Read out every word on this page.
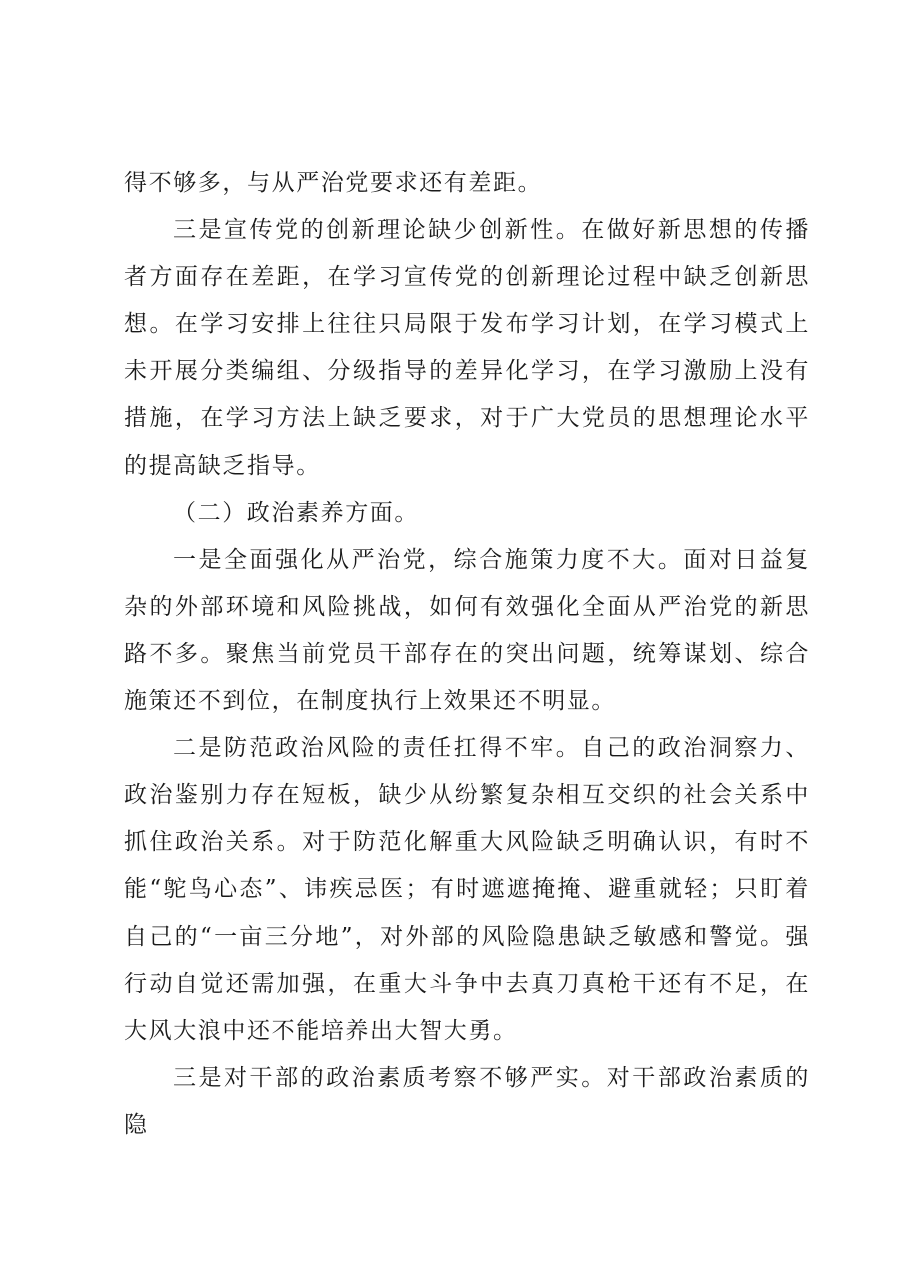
得不够多，与从严治党要求还有差距。

三是宣传党的创新理论缺少创新性。在做好新思想的传播者方面存在差距，在学习宣传党的创新理论过程中缺乏创新思想。在学习安排上往往只局限于发布学习计划，在学习模式上未开展分类编组、分级指导的差异化学习，在学习激励上没有措施，在学习方法上缺乏要求，对于广大党员的思想理论水平的提高缺乏指导。

（二）政治素养方面。

一是全面强化从严治党，综合施策力度不大。面对日益复杂的外部环境和风险挑战，如何有效强化全面从严治党的新思路不多。聚焦当前党员干部存在的突出问题，统筹谋划、综合施策还不到位，在制度执行上效果还不明显。

二是防范政治风险的责任扛得不牢。自己的政治洞察力、政治鉴别力存在短板，缺少从纷繁复杂相互交织的社会关系中抓住政治关系。对于防范化解重大风险缺乏明确认识，有时不能“鸵鸟心态”、讳疾忌医；有时遮遮掩掩、避重就轻；只盯着自己的“一亩三分地”，对外部的风险隐患缺乏敏感和警觉。强行动自觉还需加强，在重大斗争中去真刀真枪干还有不足，在大风大浪中还不能培养出大智大勇。

三是对干部的政治素质考察不够严实。对干部政治素质的隐
